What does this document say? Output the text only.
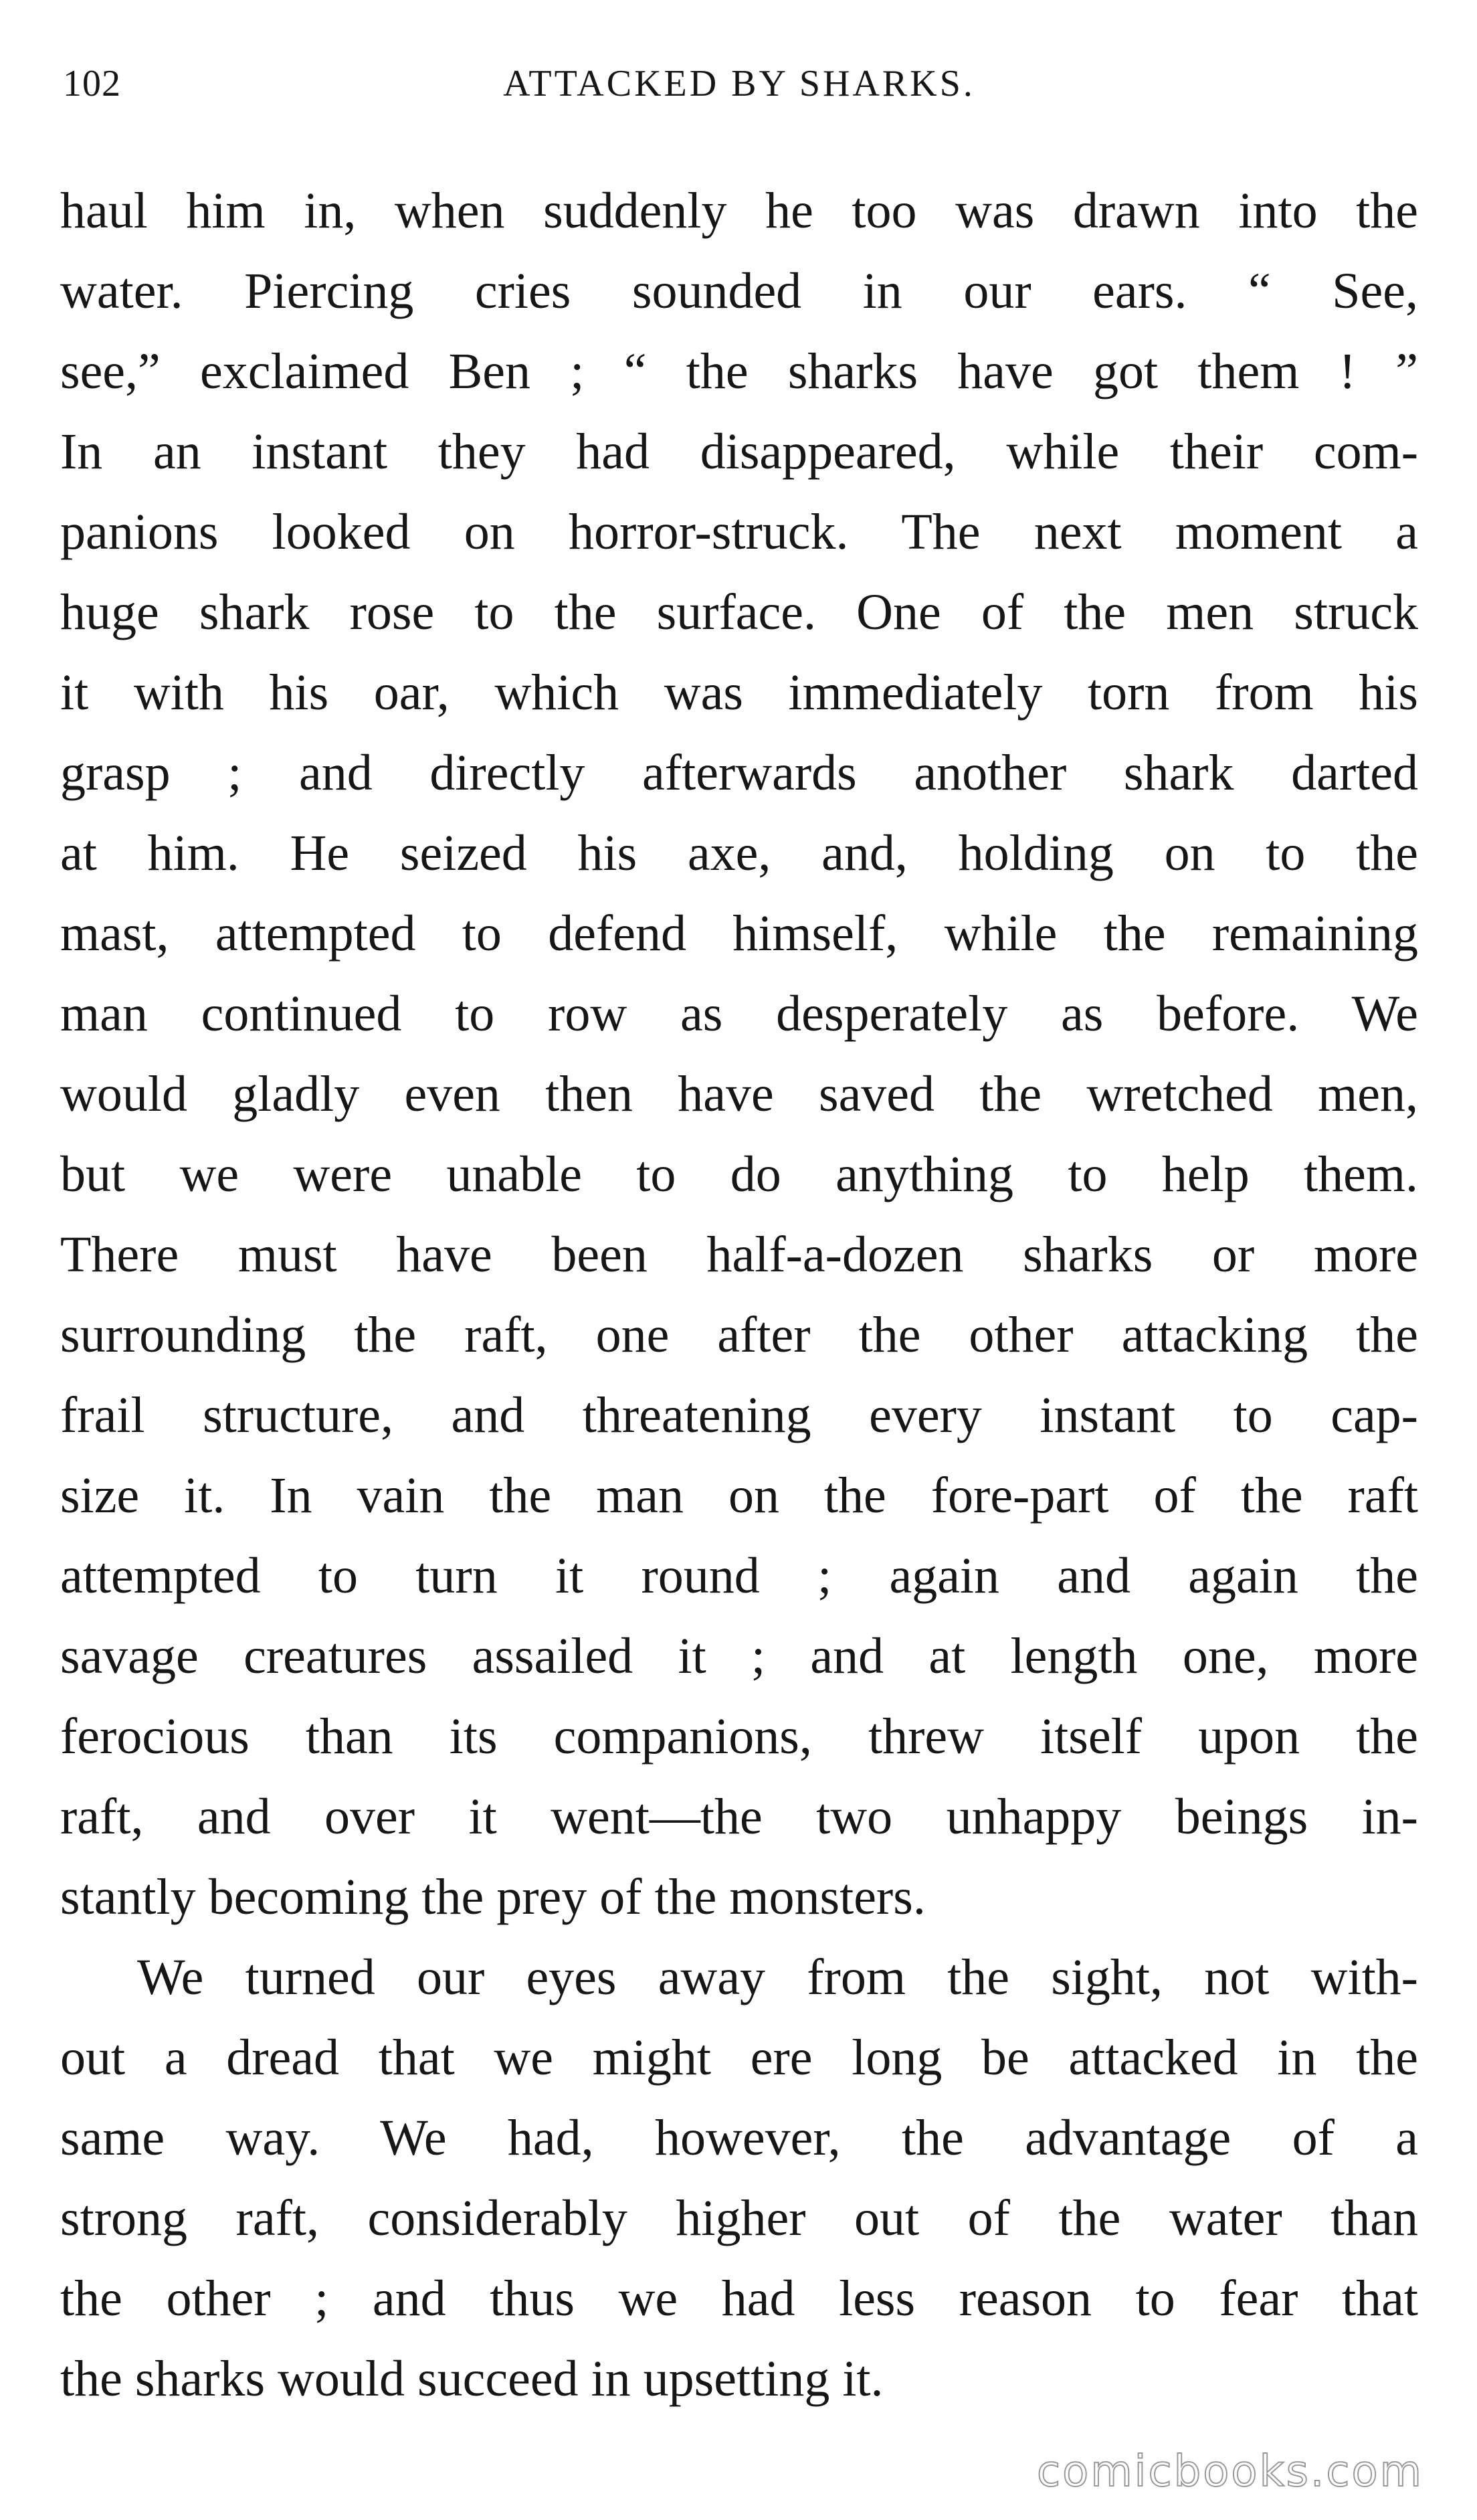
102	ATTACKED BY SHARKS.
haul him in, when suddenly he too was drawn into the
water. Piercing cries sounded in our ears. “ See,
see,” exclaimed Ben ; “ the sharks have got them ! ”
In an instant they had disappeared, while their com-
panions looked on horror-struck. The next moment a
huge shark rose to the surface. One of the men struck
it with his oar, which was immediately torn from his
grasp ; and directly afterwards another shark darted
at him. He seized his axe, and, holding on to the
mast, attempted to defend himself, while the remaining
man continued to row as desperately as before. We
would gladly even then have saved the wretched men,
but we were unable to do anything to help them.
There must have been half-a-dozen sharks or more
surrounding the raft, one after the other attacking the
frail structure, and threatening every instant to cap-
size it. In vain the man on the fore-part of the raft
attempted to turn it round ; again and again the
savage creatures assailed it ; and at length one, more
ferocious than its companions, threw itself upon the
raft, and over it went—the two unhappy beings in-
stantly becoming the prey of the monsters.
We turned our eyes away from the sight, not with-
out a dread that we might ere long be attacked in the
same way. We had, however, the advantage of a
strong raft, considerably higher out of the water than
the other ; and thus we had less reason to fear that
the sharks would succeed in upsetting it.
comicbooks.com
